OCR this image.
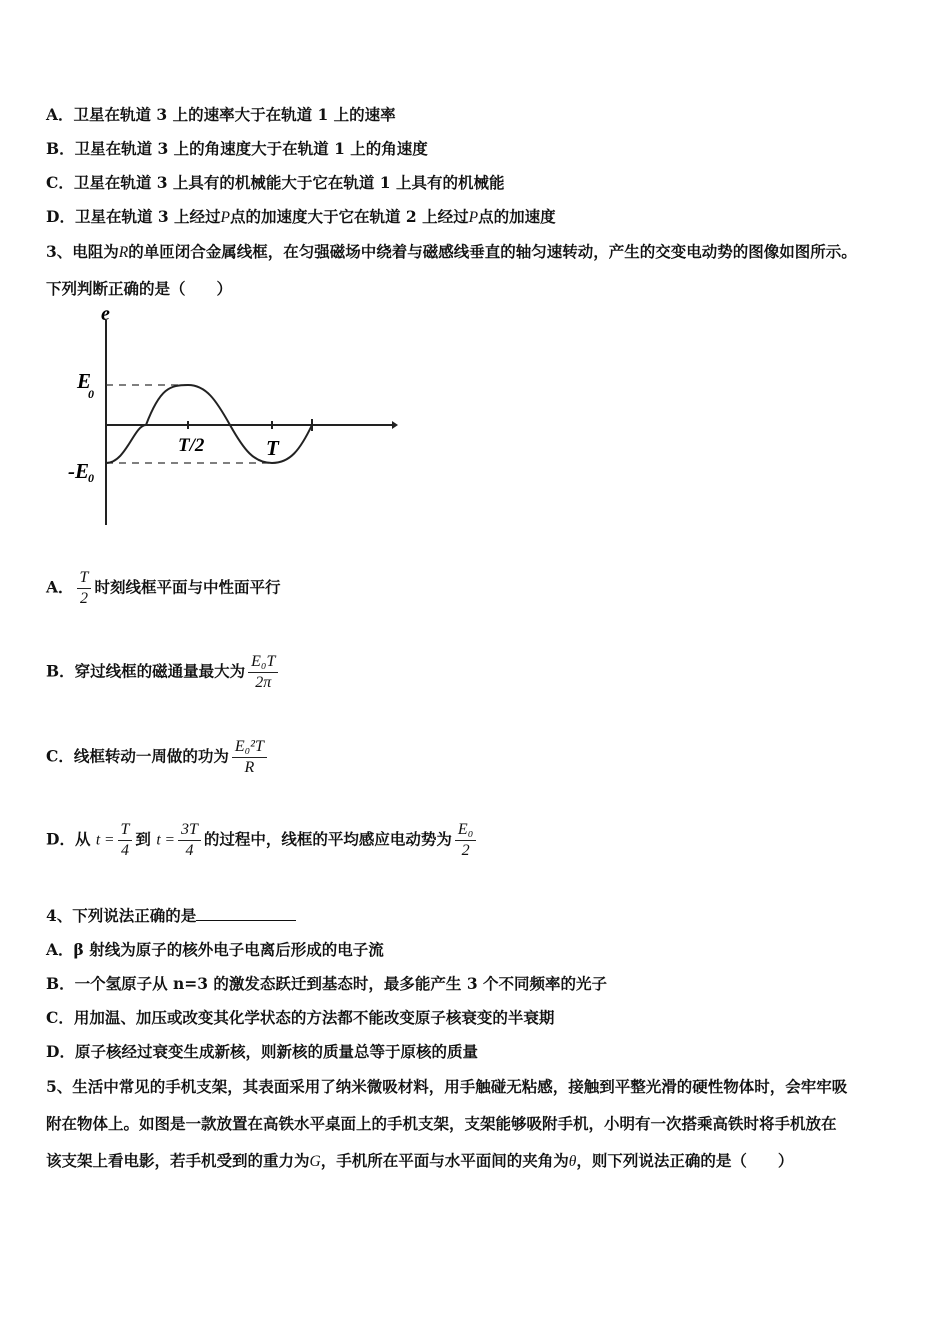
A．卫星在轨道 3 上的速率大于在轨道 1 上的速率
B．卫星在轨道 3 上的角速度大于在轨道 1 上的角速度
C．卫星在轨道 3 上具有的机械能大于它在轨道 1 上具有的机械能
D．卫星在轨道 3 上经过P点的加速度大于它在轨道 2 上经过P点的加速度
3、电阻为R的单匝闭合金属线框，在匀强磁场中绕着与磁感线垂直的轴匀速转动，产生的交变电动势的图像如图所示。
下列判断正确的是（　　）
e
E
0
-E 0
T/2	T
A． $\frac{T}{2}$ 时刻线框平面与中性面平行
B．穿过线框的磁通量最大为 $\frac{\text{E₀T}}{2\pi}$
C．线框转动一周做的功为 $\frac{\text{E₀²T}}{R}$
D．从 $t = \frac{T}{4}$ 到 $t = \frac{3T}{4}$ 的过程中，线框的平均感应电动势为 $\frac{\text{E₀}}{2}$
4、下列说法正确的是
A．β 射线为原子的核外电子电离后形成的电子流
B．一个氢原子从 n=3 的激发态跃迁到基态时，最多能产生 3 个不同频率的光子
C．用加温、加压或改变其化学状态的方法都不能改变原子核衰变的半衰期
D．原子核经过衰变生成新核，则新核的质量总等于原核的质量
5、生活中常见的手机支架，其表面采用了纳米微吸材料，用手触碰无粘感，接触到平整光滑的硬性物体时，会牢牢吸
附在物体上。如图是一款放置在高铁水平桌面上的手机支架，支架能够吸附手机，小明有一次搭乘高铁时将手机放在
该支架上看电影，若手机受到的重力为G，手机所在平面与水平面间的夹角为θ，则下列说法正确的是（　　）
